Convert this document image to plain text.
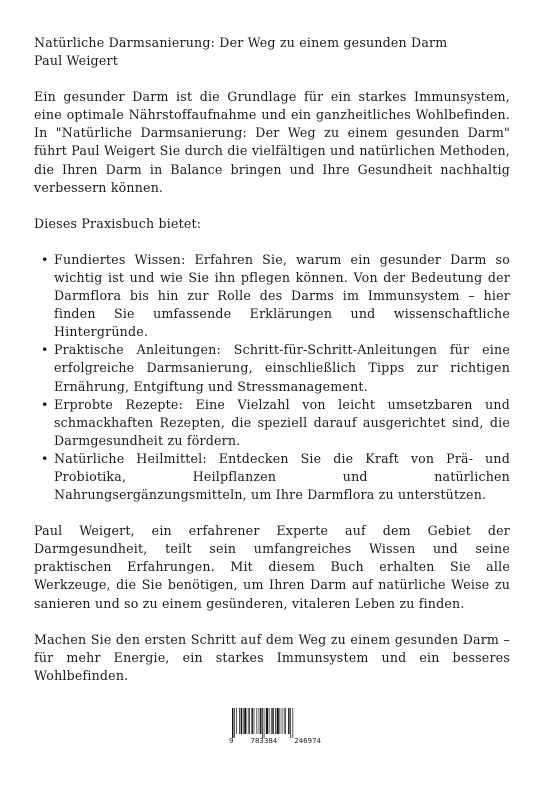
Natürliche Darmsanierung: Der Weg zu einem gesunden Darm

Paul Weigert

Ein gesunder Darm ist die Grundlage für ein starkes Immunsystem, eine optimale Nährstoffaufnahme und ein ganzheitliches Wohlbefinden. In "Natürliche Darmsanierung: Der Weg zu einem gesunden Darm" führt Paul Weigert Sie durch die vielfältigen und natürlichen Methoden, die Ihren Darm in Balance bringen und Ihre Gesundheit nachhaltig verbessern können.

Dieses Praxisbuch bietet:

• Fundiertes Wissen: Erfahren Sie, warum ein gesunder Darm so wichtig ist und wie Sie ihn pflegen können. Von der Bedeutung der Darmflora bis hin zur Rolle des Darms im Immunsystem – hier finden Sie umfassende Erklärungen und wissenschaftliche Hintergründe.
• Praktische Anleitungen: Schritt-für-Schritt-Anleitungen für eine erfolgreiche Darmsanierung, einschließlich Tipps zur richtigen Ernährung, Entgiftung und Stressmanagement.
• Erprobte Rezepte: Eine Vielzahl von leicht umsetzbaren und schmackhaften Rezepten, die speziell darauf ausgerichtet sind, die Darmgesundheit zu fördern.
• Natürliche Heilmittel: Entdecken Sie die Kraft von Prä- und Probiotika, Heilpflanzen und natürlichen Nahrungsergänzungsmitteln, um Ihre Darmflora zu unterstützen.

Paul Weigert, ein erfahrener Experte auf dem Gebiet der Darmgesundheit, teilt sein umfangreiches Wissen und seine praktischen Erfahrungen. Mit diesem Buch erhalten Sie alle Werkzeuge, die Sie benötigen, um Ihren Darm auf natürliche Weise zu sanieren und so zu einem gesünderen, vitaleren Leben zu finden.

Machen Sie den ersten Schritt auf dem Weg zu einem gesunden Darm – für mehr Energie, ein starkes Immunsystem und ein besseres Wohlbefinden.

9 783384 246974
